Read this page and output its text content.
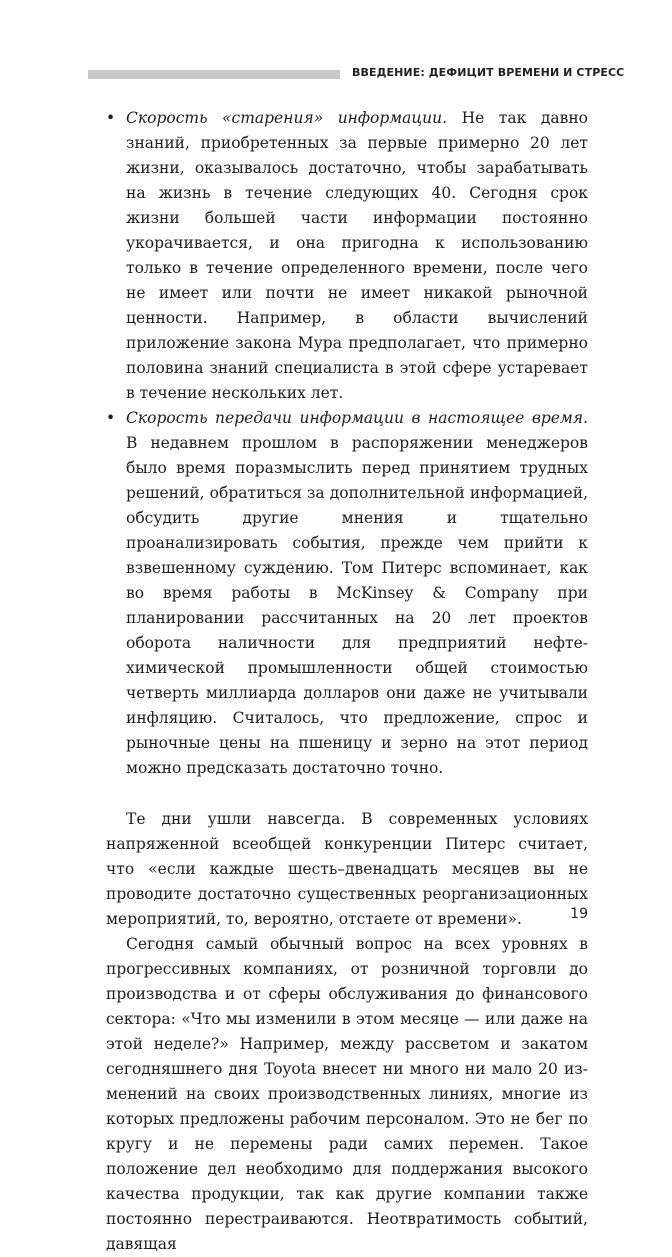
ВВЕДЕНИЕ: ДЕФИЦИТ ВРЕМЕНИ И СТРЕСС
• Скорость «старения» информации. Не так давно знаний, приобретенных за первые примерно 20 лет жизни, оказывалось достаточно, чтобы зарабатывать на жизнь в течение следующих 40. Сегодня срок жизни большей части информации постоянно укорачивается, и она пригодна к использованию только в течение определенного времени, после чего не имеет или почти не имеет никакой рыночной ценности. Например, в области вычислений приложение закона Мура предполагает, что примерно половина знаний специалиста в этой сфере устаревает в течение нескольких лет.
• Скорость передачи информации в настоящее время. В недавнем прошлом в распоряжении менеджеров было время поразмыслить перед принятием трудных решений, обратиться за дополнительной информацией, обсудить другие мнения и тщательно проанализировать события, прежде чем прийти к взвешенному суждению. Том Питерс вспоминает, как во время работы в McKinsey & Company при планировании рассчитанных на 20 лет проектов оборота наличности для предприятий нефтехимической промышленности общей стоимостью четверть миллиарда долларов они даже не учитывали инфляцию. Считалось, что предложение, спрос и рыночные цены на пшеницу и зерно на этот период можно предсказать достаточно точно.

Те дни ушли навсегда. В современных условиях напряженной всеобщей конкуренции Питерс считает, что «если каждые шесть–двенадцать месяцев вы не проводите достаточно существенных реорганизационных мероприятий, то, вероятно, отстаете от времени».

Сегодня самый обычный вопрос на всех уровнях в прогрессивных компаниях, от розничной торговли до производства и от сферы обслуживания до финансового сектора: «Что мы изменили в этом месяце — или даже на этой неделе?» Например, между рассветом и закатом сегодняшнего дня Toyota внесет ни много ни мало 20 изменений на своих производственных линиях, многие из которых предложены рабочим персоналом. Это не бег по кругу и не перемены ради самих перемен. Такое положение дел необходимо для поддержания высокого качества продукции, так как другие компании также постоянно перестраиваются. Неотвратимость событий, давящая

19
